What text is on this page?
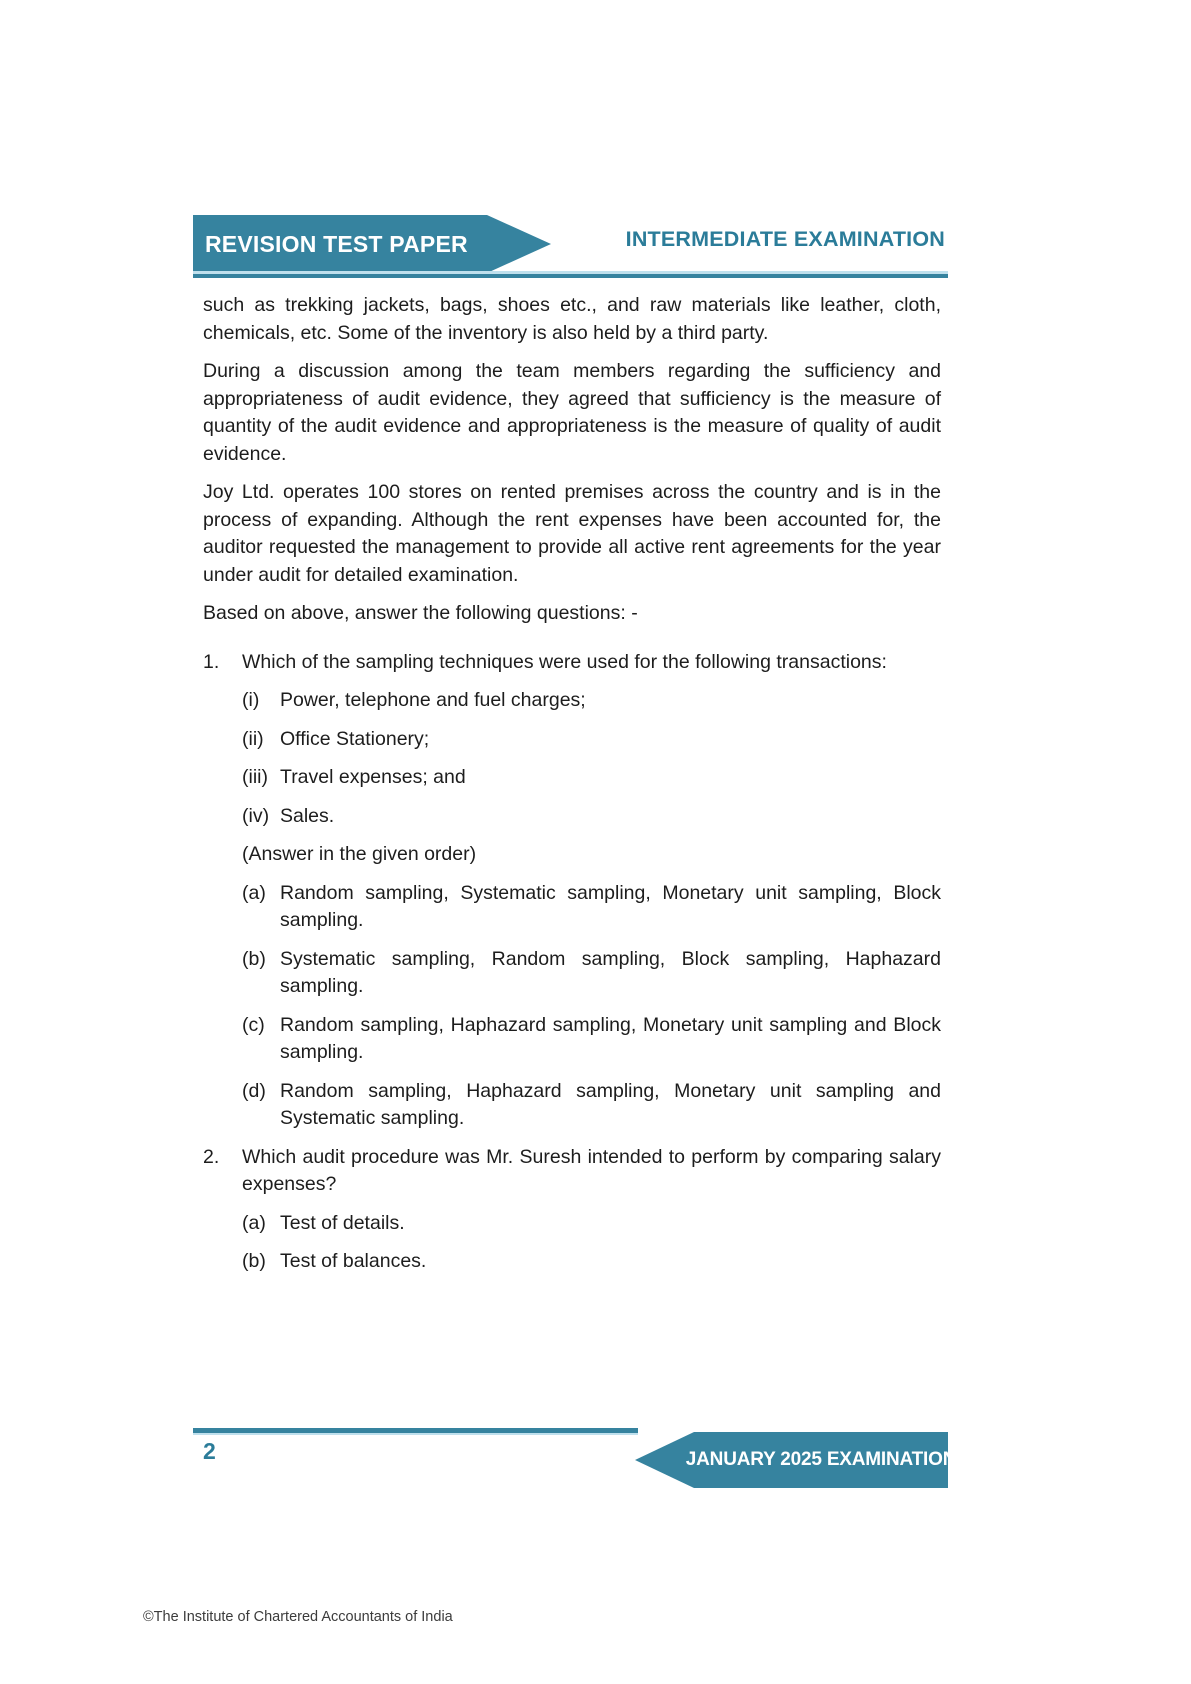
REVISION TEST PAPER	INTERMEDIATE EXAMINATION

such as trekking jackets, bags, shoes etc., and raw materials like leather, cloth, chemicals, etc. Some of the inventory is also held by a third party.

During a discussion among the team members regarding the sufficiency and appropriateness of audit evidence, they agreed that sufficiency is the measure of quantity of the audit evidence and appropriateness is the measure of quality of audit evidence.

Joy Ltd. operates 100 stores on rented premises across the country and is in the process of expanding. Although the rent expenses have been accounted for, the auditor requested the management to provide all active rent agreements for the year under audit for detailed examination.

Based on above, answer the following questions: -

1.	Which of the sampling techniques were used for the following transactions:

(i)	Power, telephone and fuel charges;

(ii) Office Stationery;

(iii) Travel expenses; and

(iv) Sales.

(Answer in the given order)

(a) Random sampling, Systematic sampling, Monetary unit sampling, Block sampling.

(b) Systematic sampling, Random sampling, Block sampling, Haphazard sampling.

(c) Random sampling, Haphazard sampling, Monetary unit sampling and Block sampling.

(d) Random sampling, Haphazard sampling, Monetary unit sampling and Systematic sampling.

2.	Which audit procedure was Mr. Suresh intended to perform by comparing salary expenses?

(a) Test of details.

(b) Test of balances.

2	JANUARY 2025 EXAMINATION
©The Institute of Chartered Accountants of India
